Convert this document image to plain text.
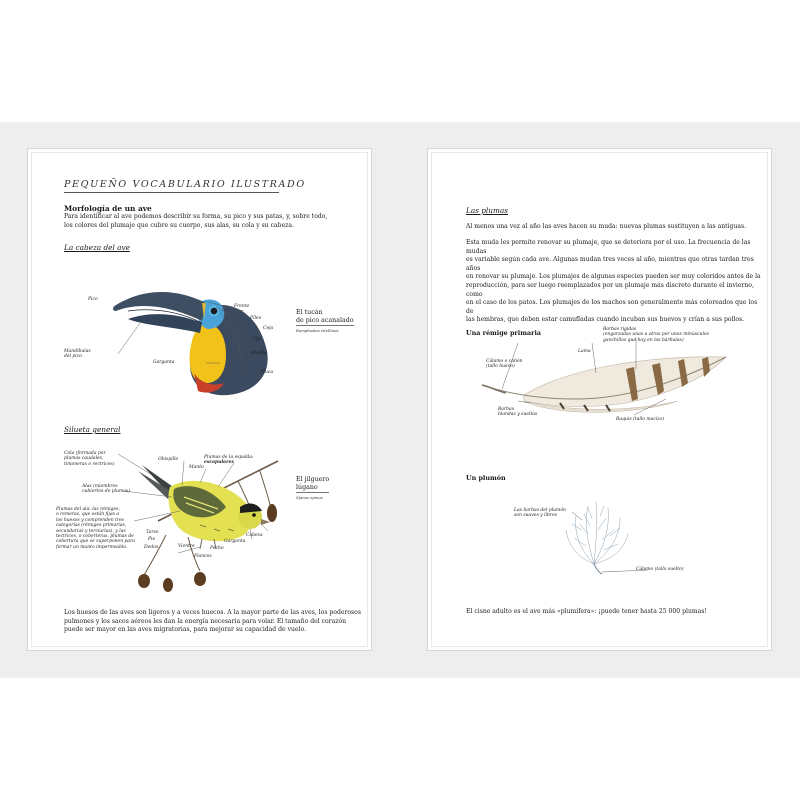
PEQUEÑO VOCABULARIO ILUSTRADO
Morfología de un ave
Para identificar al ave podemos describir su forma, su pico y sus patas, y, sobre todo,
los colores del plumaje que cubre su cuerpo, sus alas, su cola y su cabeza.
La cabeza del ave
Pico
Frente
Píleo
Ceja
Ojo
Mejilla
Nuca
Garganta
Mandíbulas
del pico
El tucán
de pico acanalado
Ramphastos vitellinus
Silueta general
Cola (formada por
plumas caudales,
timoneras o rectrices)
Alas (miembros
cubiertos de plumas)
Plumas del ala: las rémiges,
o remeras, que están fijas a
los huesos y comprenden tres
categorías (rémiges primarias,
secundarias y terciarias), y las
tectrices, o coberteras, plumas de
cobertura que se superponen para
formar un manto impermeable.
Obispillo
Manto
Plumas de la espalda:
escapulares
Tarso
Pie
Dedos	Vientre
Flancos
Pecho
Garganta
Cabeza
El jilguero
lúgano
Spinus spinus
Los huesos de las aves son ligeros y a veces huecos. A la mayor parte de las aves, los poderosos
pulmones y los sacos aéreos les dan la energía necesaria para volar. El tamaño del corazón
puede ser mayor en las aves migratorias, para mejorar su capacidad de vuelo.
Las plumas
Al menos una vez al año las aves hacen su muda: nuevas plumas sustituyen a las antiguas.
Esta muda les permite renovar su plumaje, que se deteriora por el uso. La frecuencia de las mudas
es variable según cada ave. Algunas mudan tres veces al año, mientras que otras tardan tres años
en renovar su plumaje. Los plumajes de algunas especies pueden ser muy coloridos antes de la
reproducción, para ser luego reemplazados por un plumaje más discreto durante el invierno, como
en el caso de los patos. Los plumajes de los machos son generalmente más coloreados que los de
las hembras, que deben estar camufladas cuando incuban sus huevos y crían a sus pollos.
Una rémige primaria	Barbas rígidas
(engarzadas unas a otras por unos minúsculos
ganchillos que hay en las bárbulas)
Lama
Cálamo o cañón
(tallo hueco)
Barbas
blandas y sueltas
Raquis (tallo macizo)
Un plumón
Las barbas del plumón
son suaves y libres
Cálamo (tallo suelto)
El cisne adulto es el ave más «plumífera»: ¡puede tener hasta 25 000 plumas!
